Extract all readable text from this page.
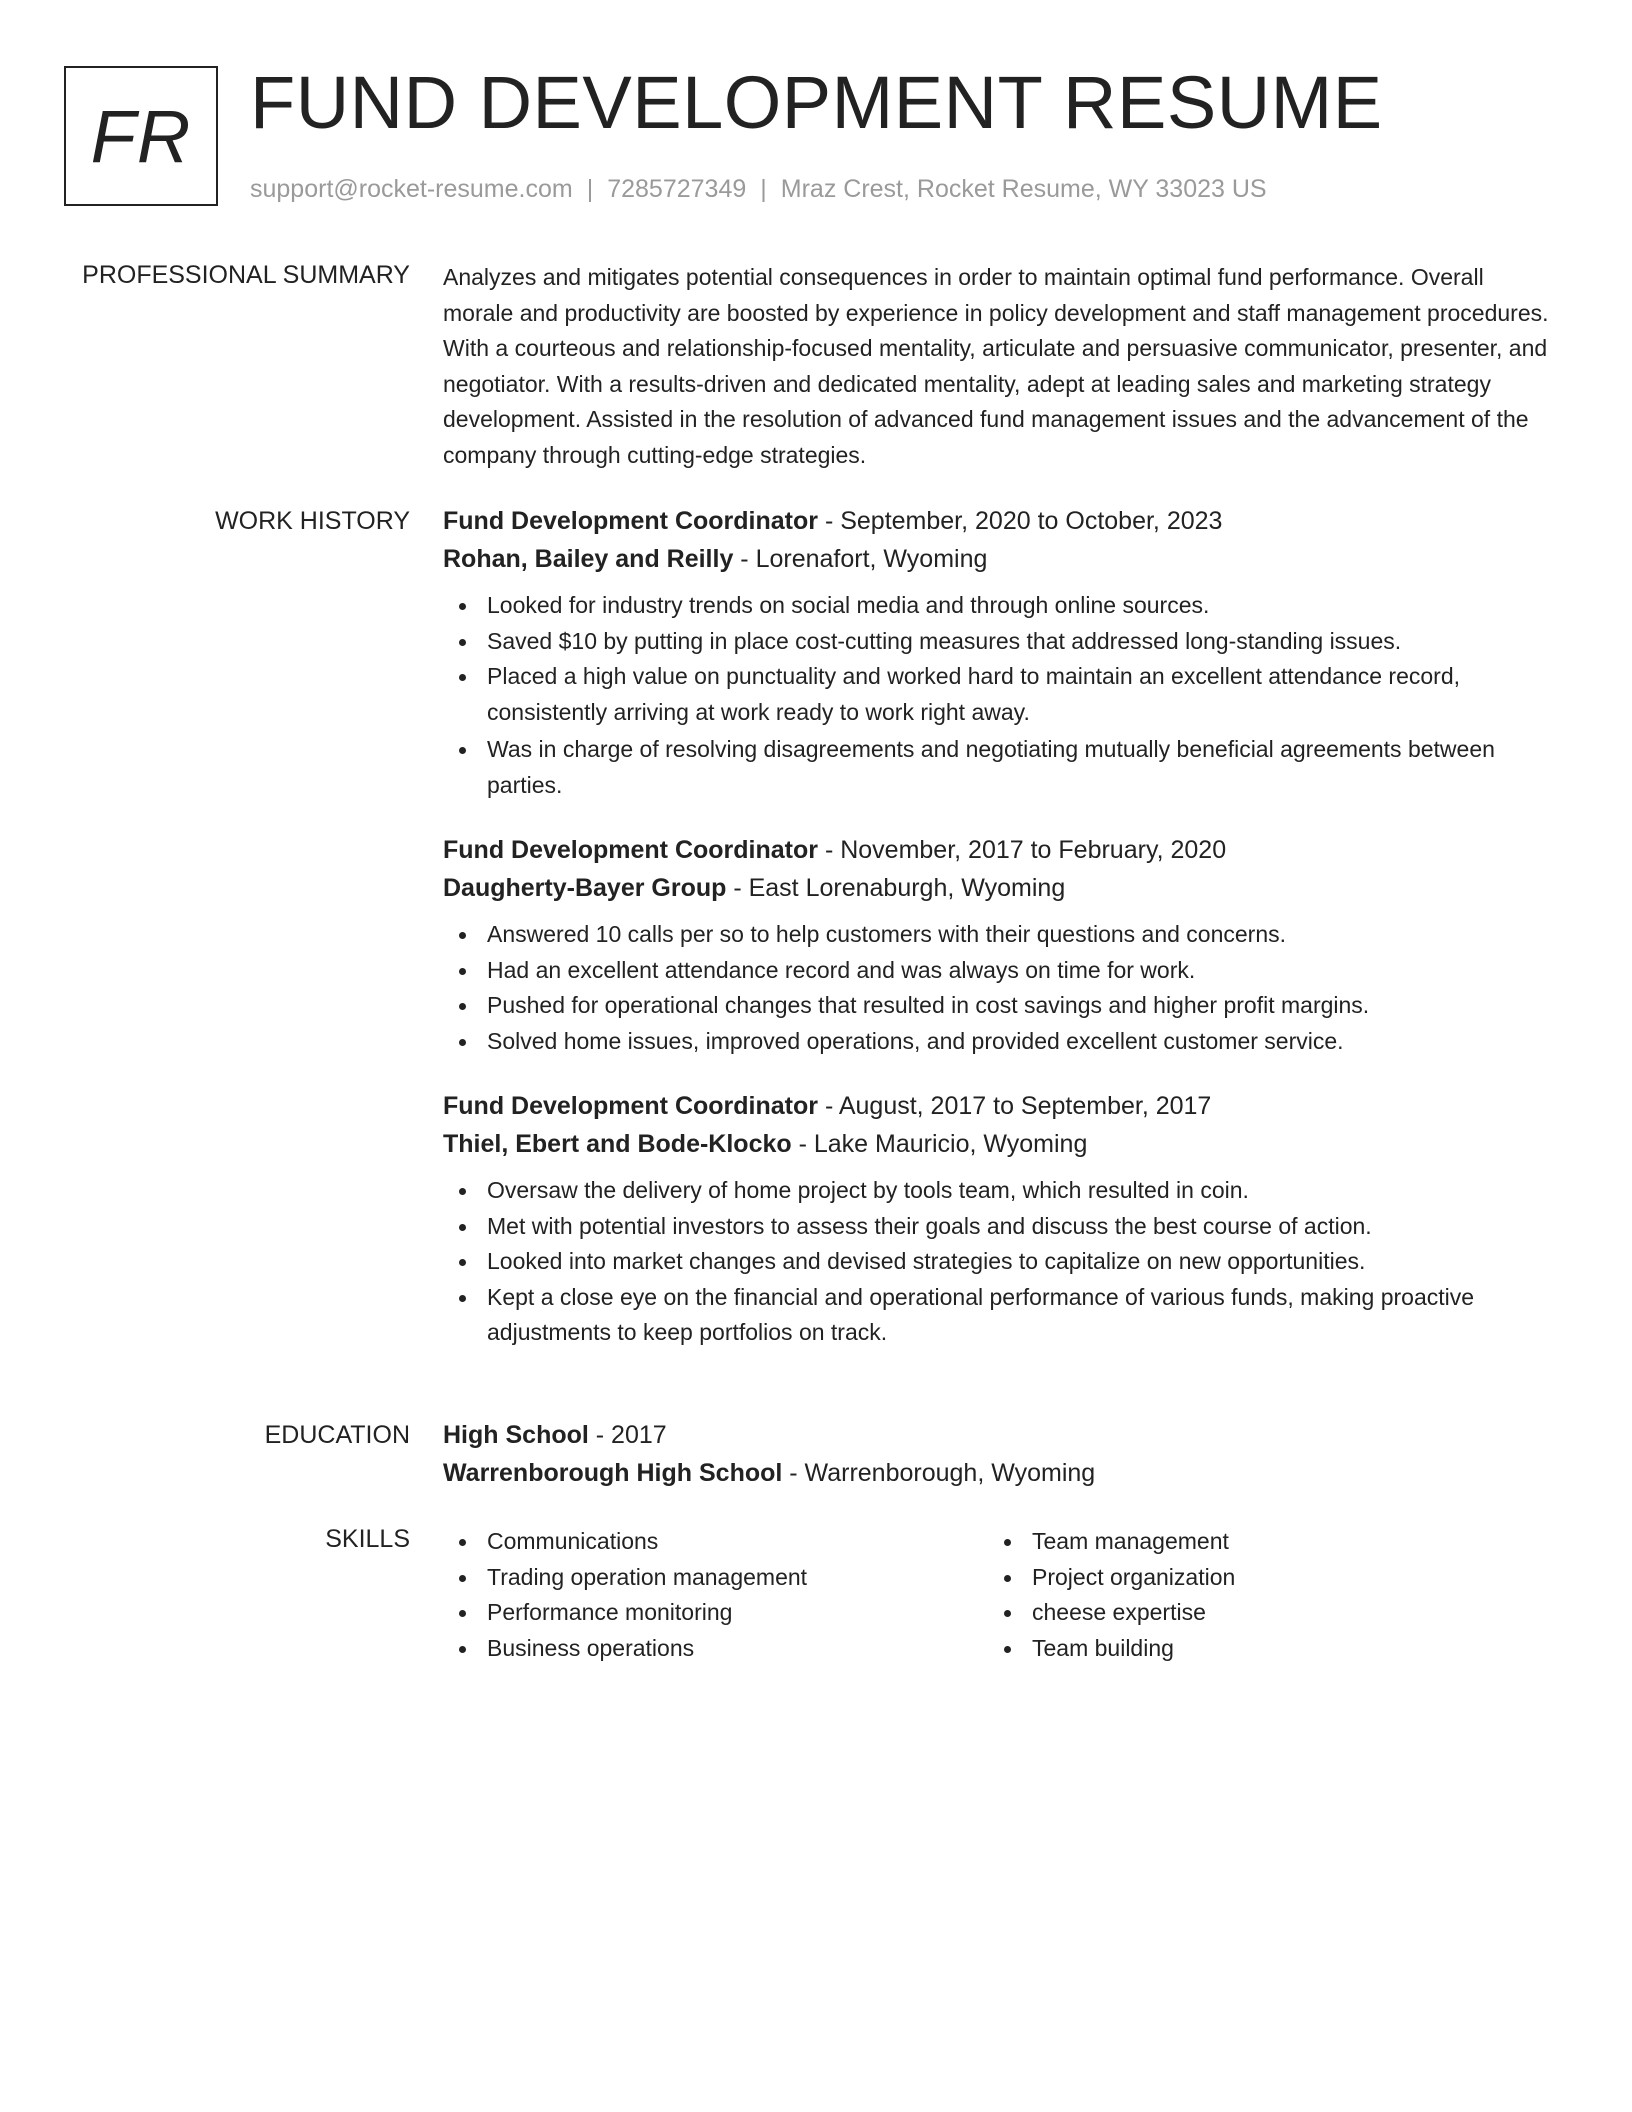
FR FUND DEVELOPMENT RESUME
support@rocket-resume.com | 7285727349 | Mraz Crest, Rocket Resume, WY 33023 US
PROFESSIONAL SUMMARY Analyzes and mitigates potential consequences in order to maintain optimal fund performance. Overall morale and productivity are boosted by experience in policy development and staff management procedures. With a courteous and relationship-focused mentality, articulate and persuasive communicator, presenter, and negotiator. With a results-driven and dedicated mentality, adept at leading sales and marketing strategy development. Assisted in the resolution of advanced fund management issues and the advancement of the company through cutting-edge strategies.

WORK HISTORY Fund Development Coordinator - September, 2020 to October, 2023
Rohan, Bailey and Reilly - Lorenafort, Wyoming
Looked for industry trends on social media and through online sources.
Saved $10 by putting in place cost-cutting measures that addressed long-standing issues.
Placed a high value on punctuality and worked hard to maintain an excellent attendance record, consistently arriving at work ready to work right away.
Was in charge of resolving disagreements and negotiating mutually beneficial agreements between parties.
Fund Development Coordinator - November, 2017 to February, 2020
Daugherty-Bayer Group - East Lorenaburgh, Wyoming
Answered 10 calls per so to help customers with their questions and concerns.
Had an excellent attendance record and was always on time for work.
Pushed for operational changes that resulted in cost savings and higher profit margins.
Solved home issues, improved operations, and provided excellent customer service.
Fund Development Coordinator - August, 2017 to September, 2017
Thiel, Ebert and Bode-Klocko - Lake Mauricio, Wyoming
Oversaw the delivery of home project by tools team, which resulted in coin.
Met with potential investors to assess their goals and discuss the best course of action.
Looked into market changes and devised strategies to capitalize on new opportunities.
Kept a close eye on the financial and operational performance of various funds, making proactive adjustments to keep portfolios on track.
EDUCATION High School - 2017
Warrenborough High School - Warrenborough, Wyoming
SKILLS	Communications
Trading operation management
Performance monitoring
Business operations
Team management
Project organization
cheese expertise
Team building
